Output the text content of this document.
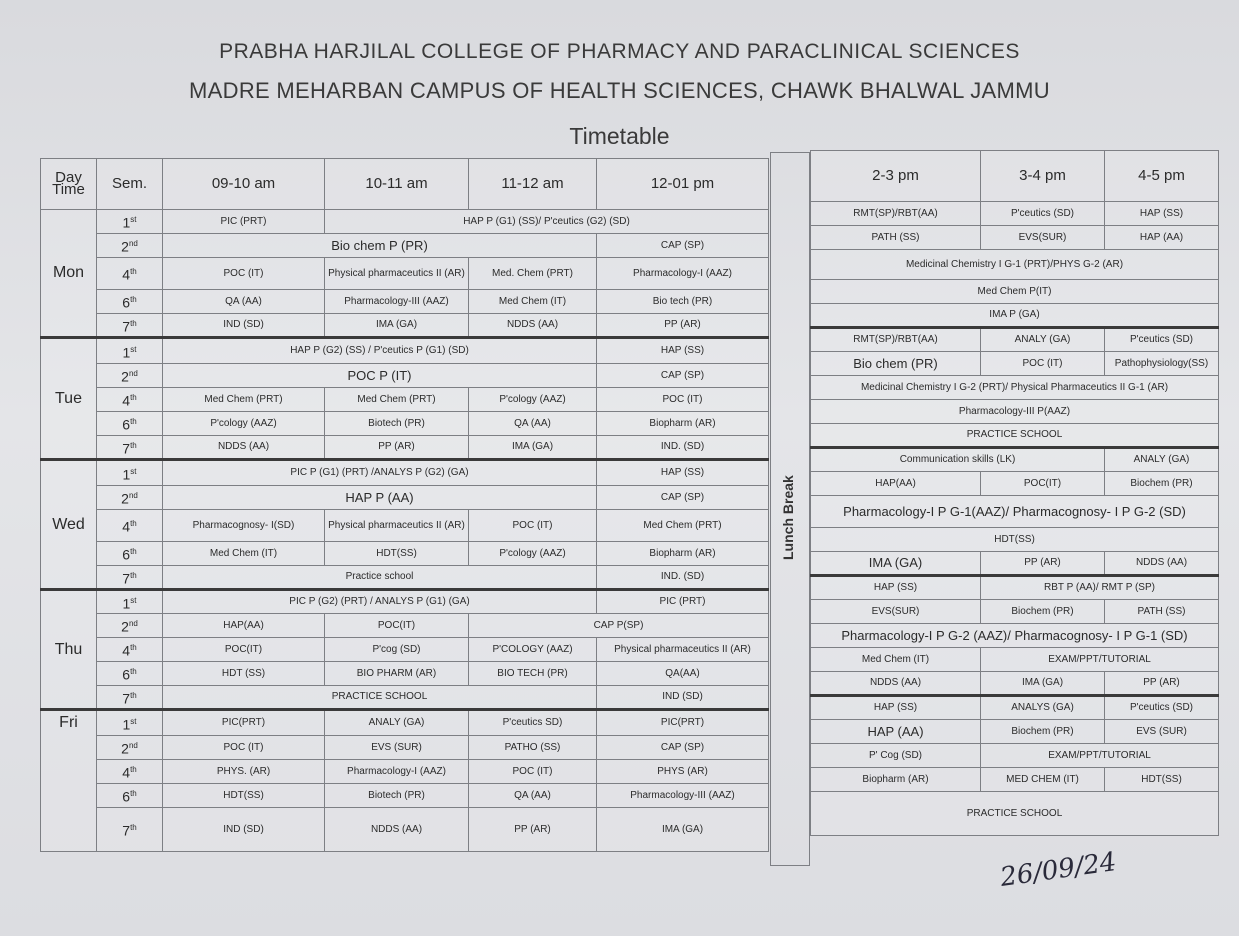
PRABHA HARJILAL COLLEGE OF PHARMACY AND PARACLINICAL SCIENCES
MADRE MEHARBAN CAMPUS OF HEALTH SCIENCES, CHAWK BHALWAL JAMMU
Timetable
Day Time	Sem.	09-10 am	10-11 am	11-12 am	12-01 pm
Mon	1st	PIC (PRT)	HAP P (G1) (SS)/ P'ceutics (G2) (SD)		
	2nd	Bio chem P (PR)			CAP (SP)
	4th	POC (IT)	Physical pharmaceutics II (AR)	Med. Chem (PRT)	Pharmacology-I (AAZ)
	6th	QA (AA)	Pharmacology-III (AAZ)	Med Chem (IT)	Bio tech (PR)
	7th	IND (SD)	IMA (GA)	NDDS (AA)	PP (AR)
Tue	1st	HAP P (G2) (SS) / P'ceutics P (G1) (SD)			HAP (SS)
	2nd	POC P (IT)			CAP (SP)
	4th	Med Chem (PRT)	Med Chem (PRT)	P'cology (AAZ)	POC (IT)
	6th	P'cology (AAZ)	Biotech (PR)	QA (AA)	Biopharm (AR)
	7th	NDDS (AA)	PP (AR)	IMA (GA)	IND. (SD)
Wed	1st	PIC P (G1) (PRT) /ANALYS P (G2) (GA)			HAP (SS)
	2nd	HAP P (AA)			CAP (SP)
	4th	Pharmacognosy- I(SD)	Physical pharmaceutics II (AR)	POC (IT)	Med Chem (PRT)
	6th	Med Chem (IT)	HDT(SS)	P'cology (AAZ)	Biopharm (AR)
	7th	Practice school			IND. (SD)
Thu	1st	PIC P (G2) (PRT) / ANALYS P (G1) (GA)			PIC (PRT)
	2nd	HAP(AA)	POC(IT)	CAP P(SP)	
	4th	POC(IT)	P'cog (SD)	P'COLOGY (AAZ)	Physical pharmaceutics II (AR)
	6th	HDT (SS)	BIO PHARM (AR)	BIO TECH (PR)	QA(AA)
	7th	PRACTICE SCHOOL			IND (SD)
Fri	1st	PIC(PRT)	ANALY (GA)	P'ceutics SD)	PIC(PRT)
	2nd	POC (IT)	EVS (SUR)	PATHO (SS)	CAP (SP)
	4th	PHYS. (AR)	Pharmacology-I (AAZ)	POC (IT)	PHYS (AR)
	6th	HDT(SS)	Biotech (PR)	QA (AA)	Pharmacology-III (AAZ)
	7th	IND (SD)	NDDS (AA)	PP (AR)	IMA (GA)
Lunch Break
2-3 pm	3-4 pm	4-5 pm
RMT(SP)/RBT(AA)	P'ceutics (SD)	HAP (SS)
PATH (SS)	EVS(SUR)	HAP (AA)
Medicinal Chemistry I G-1 (PRT)/PHYS G-2 (AR)		
Med Chem P(IT)		
IMA P (GA)		
RMT(SP)/RBT(AA)	ANALY (GA)	P'ceutics (SD)
Bio chem (PR)	POC (IT)	Pathophysiology(SS)
Medicinal Chemistry I G-2 (PRT)/ Physical Pharmaceutics II G-1 (AR)		
Pharmacology-III P(AAZ)		
PRACTICE SCHOOL		
Communication skills (LK)		ANALY (GA)
HAP(AA)	POC(IT)	Biochem (PR)
Pharmacology-I P G-1(AAZ)/ Pharmacognosy- I P G-2 (SD)		
HDT(SS)		
IMA (GA)	PP (AR)	NDDS (AA)
HAP (SS)	RBT P (AA)/ RMT P (SP)	
EVS(SUR)	Biochem (PR)	PATH (SS)
Pharmacology-I P G-2 (AAZ)/ Pharmacognosy- I P G-1 (SD)		
Med Chem (IT)	EXAM/PPT/TUTORIAL	
NDDS (AA)	IMA (GA)	PP (AR)
HAP (SS)	ANALYS (GA)	P'ceutics (SD)
HAP (AA)	Biochem (PR)	EVS (SUR)
P' Cog (SD)	EXAM/PPT/TUTORIAL	
Biopharm (AR)	MED CHEM (IT)	HDT(SS)
PRACTICE SCHOOL		
26/09/24
